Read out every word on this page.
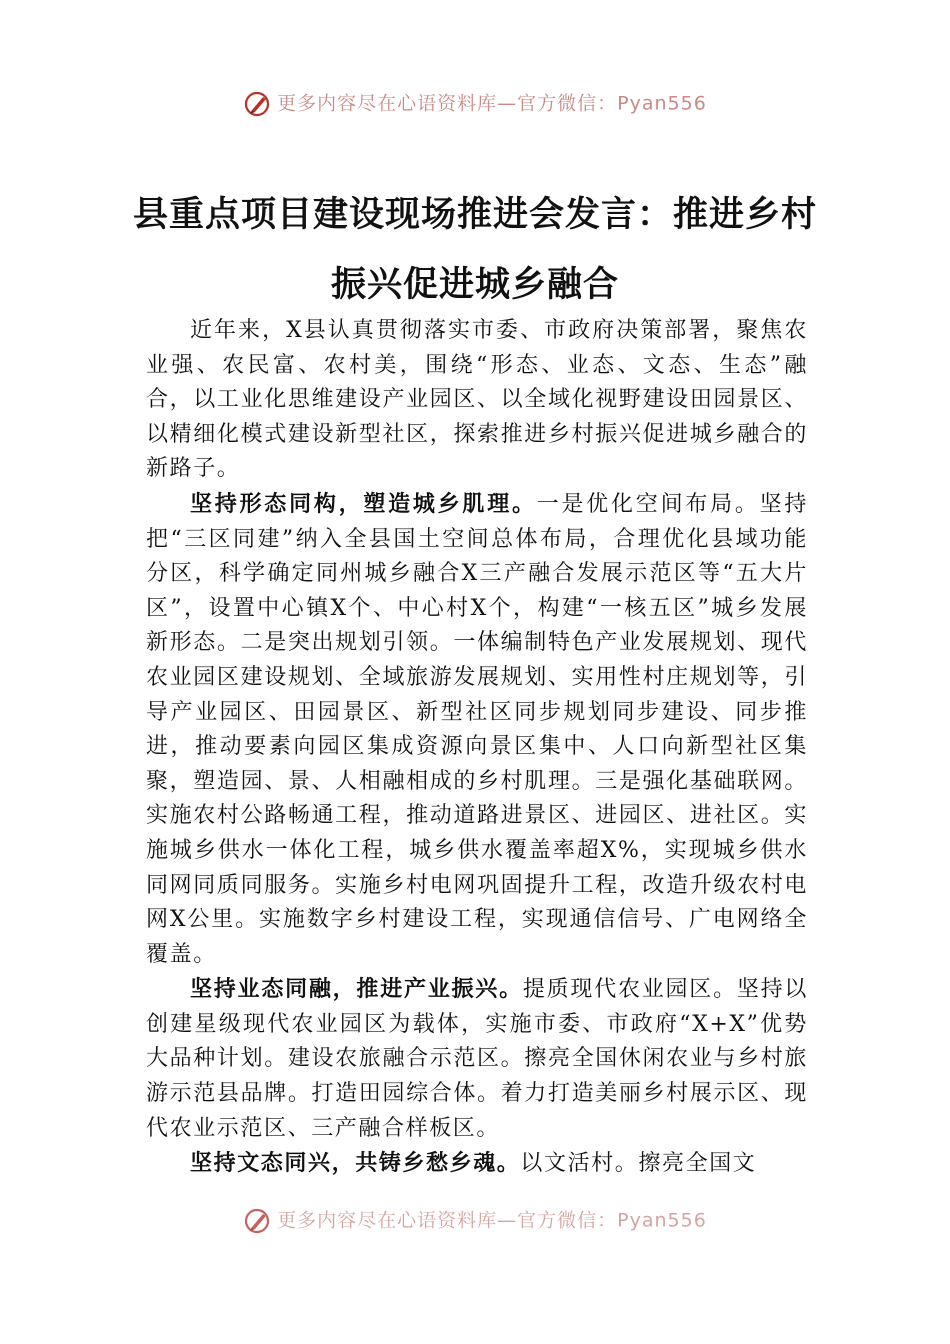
更多内容尽在心语资料库—官方微信：Pyan556
县重点项目建设现场推进会发言：推进乡村振兴促进城乡融合

近年来，X县认真贯彻落实市委、市政府决策部署，聚焦农业强、农民富、农村美，围绕“形态、业态、文态、生态”融合，以工业化思维建设产业园区、以全域化视野建设田园景区、以精细化模式建设新型社区，探索推进乡村振兴促进城乡融合的新路子。

坚持形态同构，塑造城乡肌理。一是优化空间布局。坚持把“三区同建”纳入全县国土空间总体布局，合理优化县域功能分区，科学确定同州城乡融合X三产融合发展示范区等“五大片区”，设置中心镇X个、中心村X个，构建“一核五区”城乡发展新形态。二是突出规划引领。一体编制特色产业发展规划、现代农业园区建设规划、全域旅游发展规划、实用性村庄规划等，引导产业园区、田园景区、新型社区同步规划同步建设、同步推进，推动要素向园区集成资源向景区集中、人口向新型社区集聚，塑造园、景、人相融相成的乡村肌理。三是强化基础联网。实施农村公路畅通工程，推动道路进景区、进园区、进社区。实施城乡供水一体化工程，城乡供水覆盖率超X%，实现城乡供水同网同质同服务。实施乡村电网巩固提升工程，改造升级农村电网X公里。实施数字乡村建设工程，实现通信信号、广电网络全覆盖。

坚持业态同融，推进产业振兴。提质现代农业园区。坚持以创建星级现代农业园区为载体，实施市委、市政府“X+X”优势大品种计划。建设农旅融合示范区。擦亮全国休闲农业与乡村旅游示范县品牌。打造田园综合体。着力打造美丽乡村展示区、现代农业示范区、三产融合样板区。

坚持文态同兴，共铸乡愁乡魂。以文活村。擦亮全国文

更多内容尽在心语资料库—官方微信：Pyan556
